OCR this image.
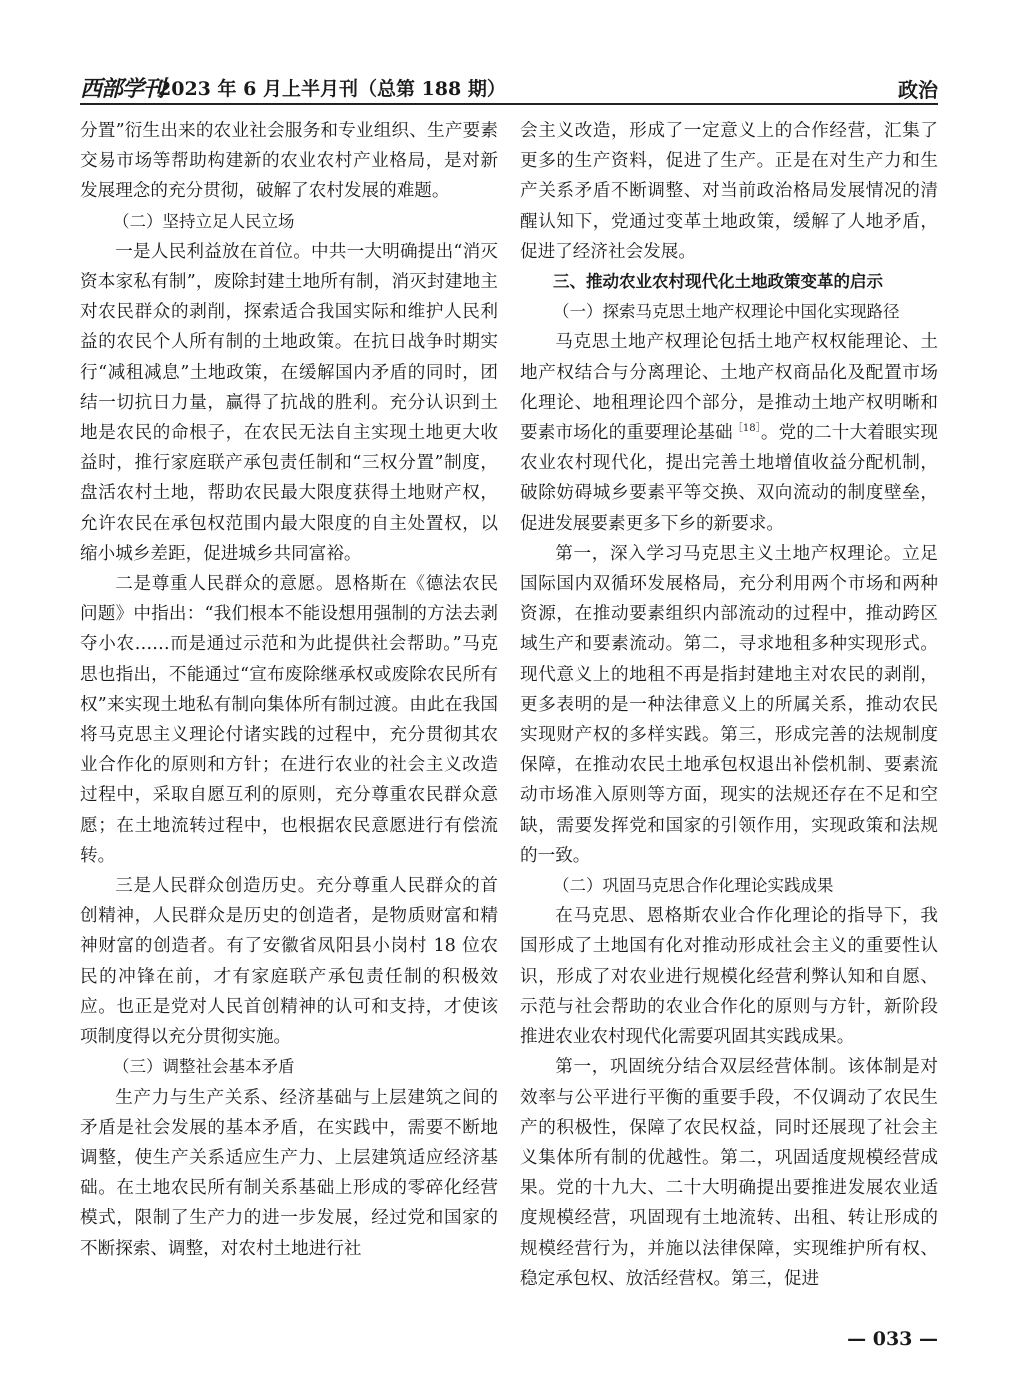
西部学刊
2023 年 6 月上半月刊（总第 188 期）	政治

分置”衍生出来的农业社会服务和专业组织、生产要素交易市场等帮助构建新的农业农村产业格局，是对新发展理念的充分贯彻，破解了农村发展的难题。

（二）坚持立足人民立场

一是人民利益放在首位。中共一大明确提出“消灭资本家私有制”，废除封建土地所有制，消灭封建地主对农民群众的剥削，探索适合我国实际和维护人民利益的农民个人所有制的土地政策。在抗日战争时期实行“减租减息”土地政策，在缓解国内矛盾的同时，团结一切抗日力量，赢得了抗战的胜利。充分认识到土地是农民的命根子，在农民无法自主实现土地更大收益时，推行家庭联产承包责任制和“三权分置”制度，盘活农村土地，帮助农民最大限度获得土地财产权，允许农民在承包权范围内最大限度的自主处置权，以缩小城乡差距，促进城乡共同富裕。

二是尊重人民群众的意愿。恩格斯在《德法农民问题》中指出：“我们根本不能设想用强制的方法去剥夺小农……而是通过示范和为此提供社会帮助。”马克思也指出，不能通过“宣布废除继承权或废除农民所有权”来实现土地私有制向集体所有制过渡。由此在我国将马克思主义理论付诸实践的过程中，充分贯彻其农业合作化的原则和方针；在进行农业的社会主义改造过程中，采取自愿互利的原则，充分尊重农民群众意愿；在土地流转过程中，也根据农民意愿进行有偿流转。

三是人民群众创造历史。充分尊重人民群众的首创精神，人民群众是历史的创造者，是物质财富和精神财富的创造者。有了安徽省凤阳县小岗村 18 位农民的冲锋在前，才有家庭联产承包责任制的积极效应。也正是党对人民首创精神的认可和支持，才使该项制度得以充分贯彻实施。

（三）调整社会基本矛盾

生产力与生产关系、经济基础与上层建筑之间的矛盾是社会发展的基本矛盾，在实践中，需要不断地调整，使生产关系适应生产力、上层建筑适应经济基础。在土地农民所有制关系基础上形成的零碎化经营模式，限制了生产力的进一步发展，经过党和国家的不断探索、调整，对农村土地进行社

会主义改造，形成了一定意义上的合作经营，汇集了更多的生产资料，促进了生产。正是在对生产力和生产关系矛盾不断调整、对当前政治格局发展情况的清醒认知下，党通过变革土地政策，缓解了人地矛盾，促进了经济社会发展。

三、推动农业农村现代化土地政策变革的启示

（一）探索马克思土地产权理论中国化实现路径

马克思土地产权理论包括土地产权权能理论、土地产权结合与分离理论、土地产权商品化及配置市场化理论、地租理论四个部分，是推动土地产权明晰和要素市场化的重要理论基础$^{[18]}$。党的二十大着眼实现农业农村现代化，提出完善土地增值收益分配机制，破除妨碍城乡要素平等交换、双向流动的制度壁垒，促进发展要素更多下乡的新要求。

第一，深入学习马克思主义土地产权理论。立足国际国内双循环发展格局，充分利用两个市场和两种资源，在推动要素组织内部流动的过程中，推动跨区域生产和要素流动。第二，寻求地租多种实现形式。现代意义上的地租不再是指封建地主对农民的剥削，更多表明的是一种法律意义上的所属关系，推动农民实现财产权的多样实践。第三，形成完善的法规制度保障，在推动农民土地承包权退出补偿机制、要素流动市场准入原则等方面，现实的法规还存在不足和空缺，需要发挥党和国家的引领作用，实现政策和法规的一致。

（二）巩固马克思合作化理论实践成果

在马克思、恩格斯农业合作化理论的指导下，我国形成了土地国有化对推动形成社会主义的重要性认识，形成了对农业进行规模化经营利弊认知和自愿、示范与社会帮助的农业合作化的原则与方针，新阶段推进农业农村现代化需要巩固其实践成果。

第一，巩固统分结合双层经营体制。该体制是对效率与公平进行平衡的重要手段，不仅调动了农民生产的积极性，保障了农民权益，同时还展现了社会主义集体所有制的优越性。第二，巩固适度规模经营成果。党的十九大、二十大明确提出要推进发展农业适度规模经营，巩固现有土地流转、出租、转让形成的规模经营行为，并施以法律保障，实现维护所有权、稳定承包权、放活经营权。第三，促进

— 033 —
